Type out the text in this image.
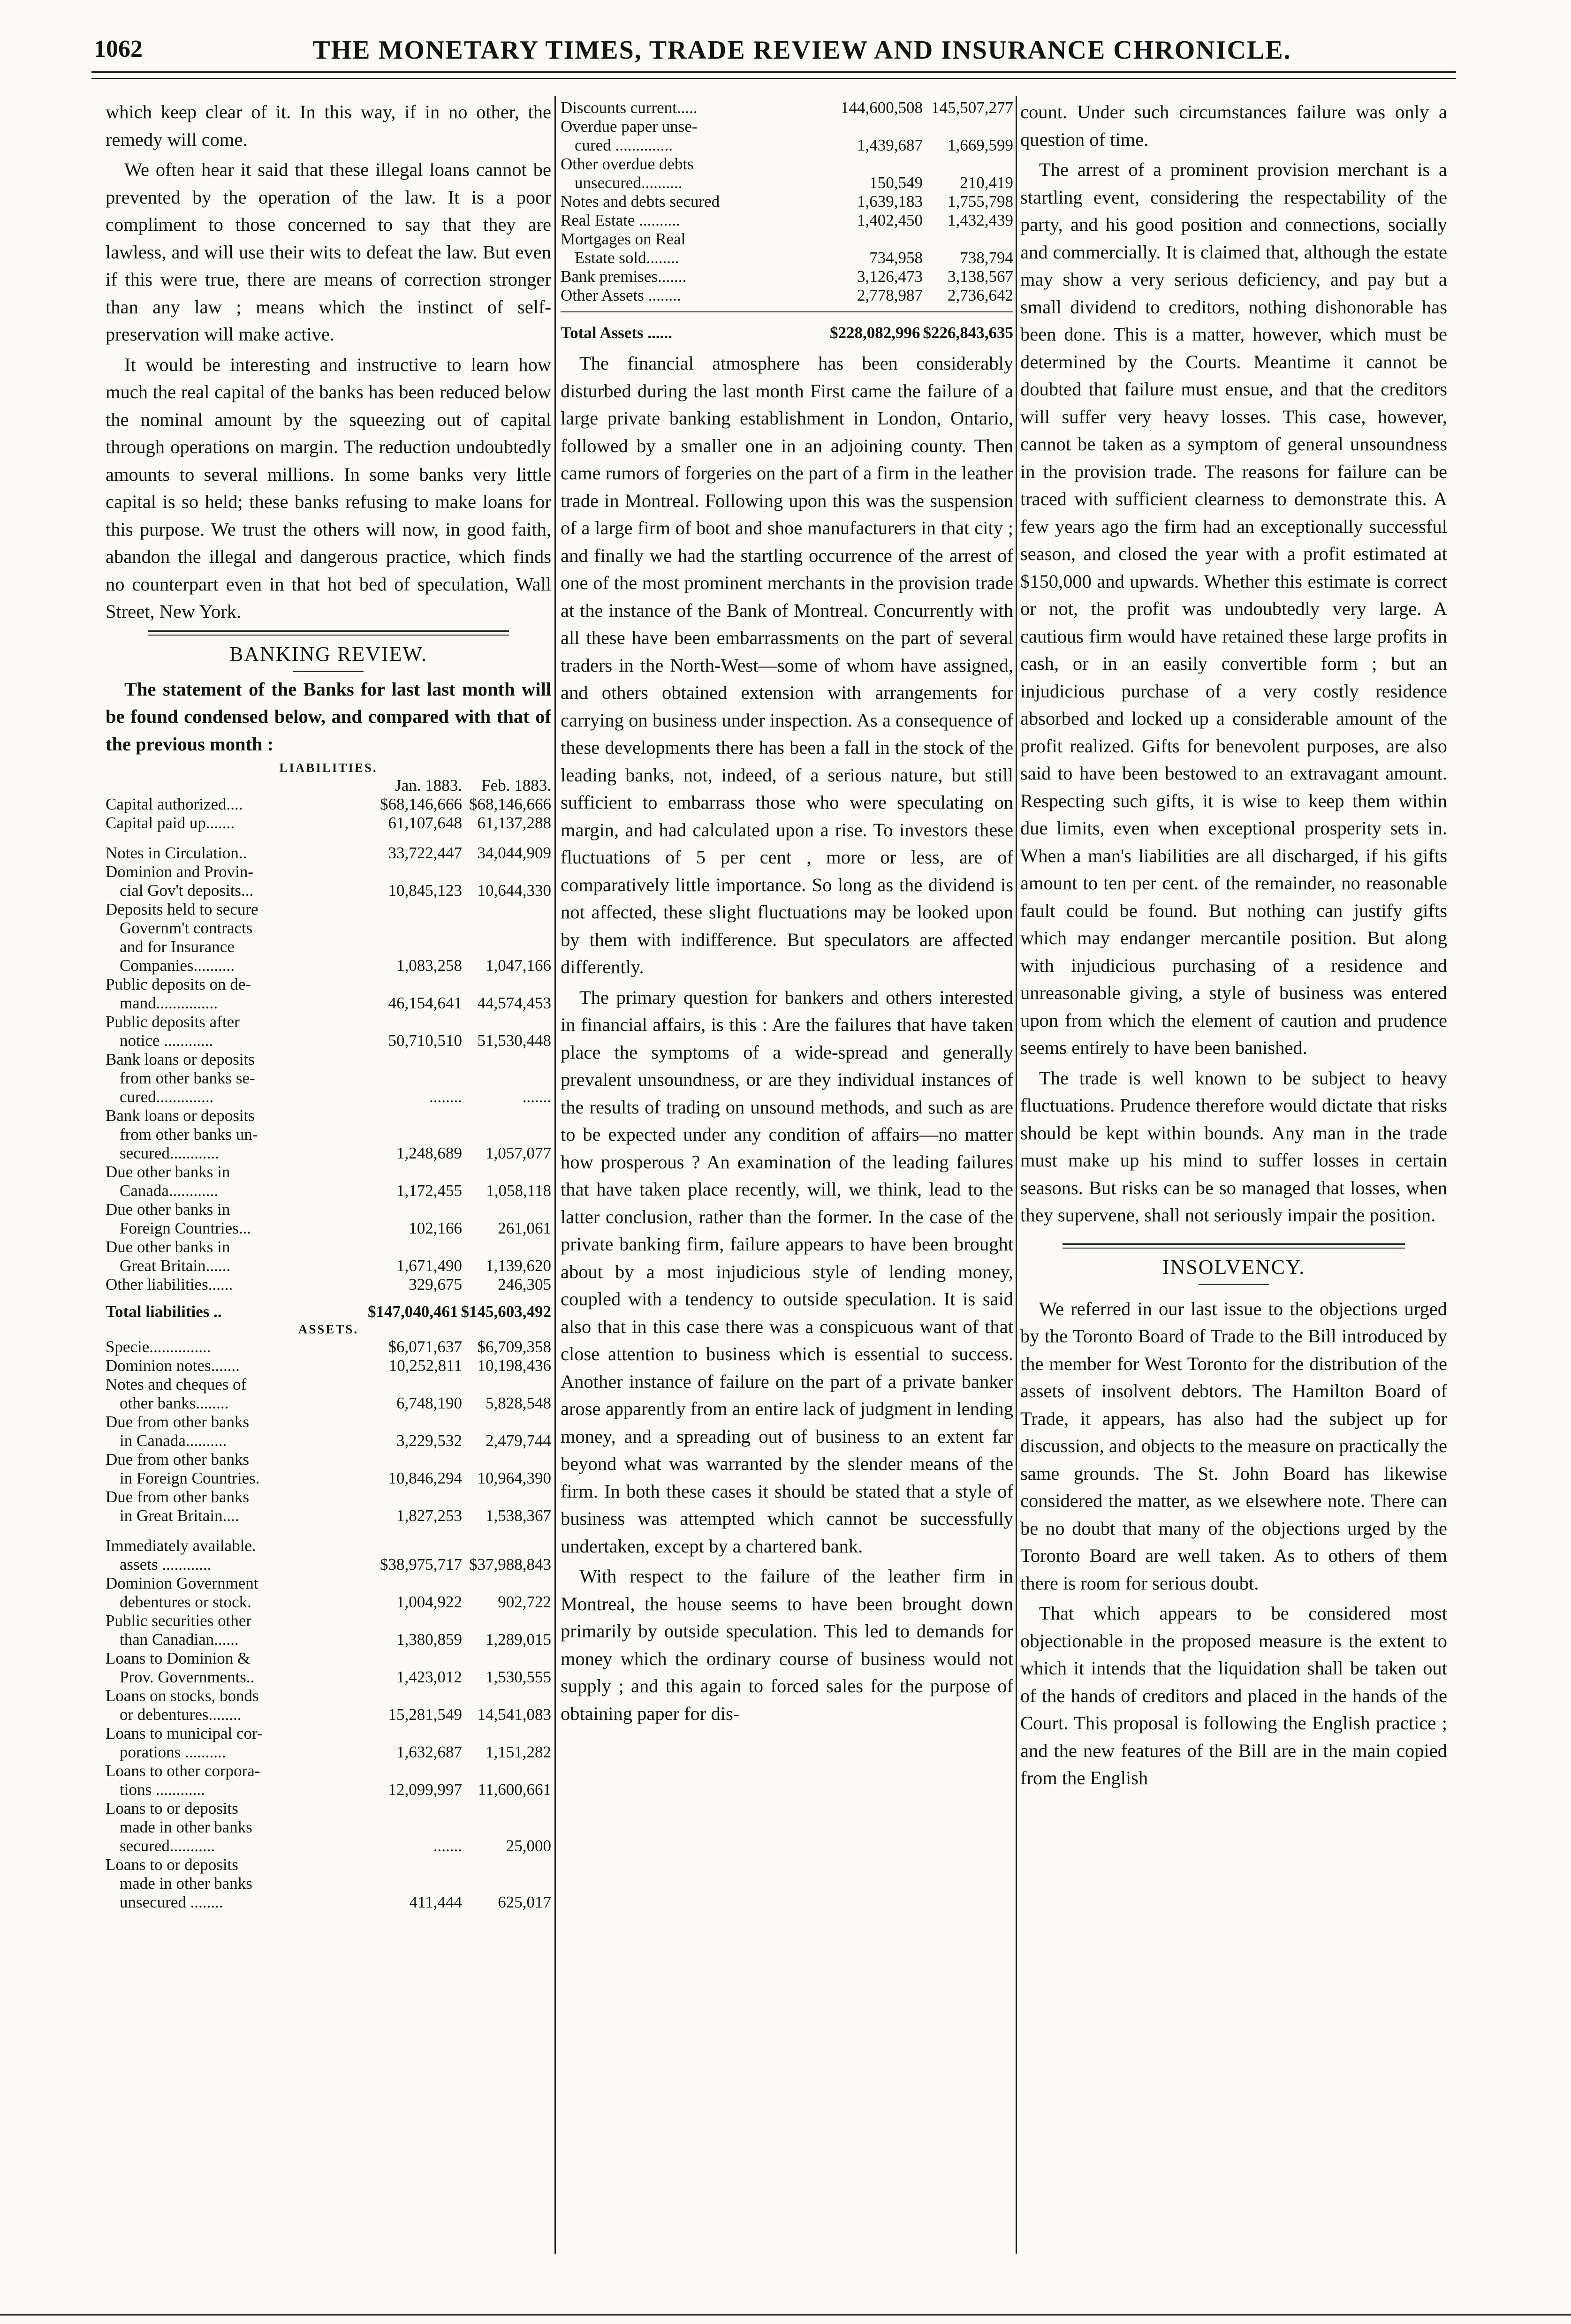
1062	THE MONETARY TIMES, TRADE REVIEW AND INSURANCE CHRONICLE.

which keep clear of it. In this way, if in no other, the remedy will come.

We often hear it said that these illegal loans cannot be prevented by the operation of the law. It is a poor compliment to those concerned to say that they are lawless, and will use their wits to defeat the law. But even if this were true, there are means of correction stronger than any law ; means which the instinct of self-preservation will make active.

It would be interesting and instructive to learn how much the real capital of the banks has been reduced below the nominal amount by the squeezing out of capital through operations on margin. The reduction undoubtedly amounts to several millions. In some banks very little capital is so held; these banks refusing to make loans for this purpose. We trust the others will now, in good faith, abandon the illegal and dangerous practice, which finds no counterpart even in that hot bed of speculation, Wall Street, New York.

BANKING REVIEW.

The statement of the Banks for last last month will be found condensed below, and compared with that of the previous month :

LIABILITIES.
	Jan. 1883.	Feb. 1883.

Capital authorized....	$68,146,666	$68,146,666

Capital paid up.......	61,107,648	61,137,288

Notes in Circulation..	33,722,447	34,044,909

Dominion and Provin-
cial Gov't deposits...	10,845,123	10,644,330

Deposits held to secure
Governm't contracts
and for Insurance
Companies..........	1,083,258	1,047,166

Public deposits on de-
mand...............	46,154,641	44,574,453

Public deposits after
notice ............	50,710,510	51,530,448

Bank loans or deposits
from other banks se-
cured..............	........	.......

Bank loans or deposits
from other banks un-
secured............	1,248,689	1,057,077

Due other banks in
Canada............	1,172,455	1,058,118

Due other banks in
Foreign Countries...	102,166	261,061

Due other banks in
Great Britain......	1,671,490	1,139,620

Other liabilities......	329,675	246,305
Total liabilities ..	$147,040,461	$145,603,492
ASSETS.
Specie...............	$6,071,637	$6,709,358

Dominion notes.......	10,252,811	10,198,436

Notes and cheques of
other banks........	6,748,190	5,828,548

Due from other banks
in Canada..........	3,229,532	2,479,744

Due from other banks
in Foreign Countries.	10,846,294	10,964,390

Due from other banks
in Great Britain....	1,827,253	1,538,367

Immediately available.
assets ............	$38,975,717	$37,988,843

Dominion Government
debentures or stock.	1,004,922	902,722

Public securities other
than Canadian......	1,380,859	1,289,015

Loans to Dominion &
Prov. Governments..	1,423,012	1,530,555

Loans on stocks, bonds
or debentures........	15,281,549	14,541,083

Loans to municipal cor-
porations ..........	1,632,687	1,151,282

Loans to other corpora-
tions ............	12,099,997	11,600,661

Loans to or deposits
made in other banks
secured...........	.......	25,000

Loans to or deposits
made in other banks
unsecured ........	411,444	625,017
Discounts current.....	144,600,508	145,507,277

Overdue paper unse-
cured ..............	1,439,687	1,669,599

Other overdue debts
unsecured..........	150,549	210,419

Notes and debts secured	1,639,183	1,755,798

Real Estate ..........	1,402,450	1,432,439

Mortgages on Real
Estate sold........	734,958	738,794

Bank premises.......	3,126,473	3,138,567

Other Assets ........	2,778,987	2,736,642
Total Assets ......	$228,082,996	$226,843,635

The financial atmosphere has been considerably disturbed during the last month First came the failure of a large private banking establishment in London, Ontario, followed by a smaller one in an adjoining county. Then came rumors of forgeries on the part of a firm in the leather trade in Montreal. Following upon this was the suspension of a large firm of boot and shoe manufacturers in that city ; and finally we had the startling occurrence of the arrest of one of the most prominent merchants in the provision trade at the instance of the Bank of Montreal. Concurrently with all these have been embarrassments on the part of several traders in the North-West—some of whom have assigned, and others obtained extension with arrangements for carrying on business under inspection. As a consequence of these developments there has been a fall in the stock of the leading banks, not, indeed, of a serious nature, but still sufficient to embarrass those who were speculating on margin, and had calculated upon a rise. To investors these fluctuations of 5 per cent , more or less, are of comparatively little importance. So long as the dividend is not affected, these slight fluctuations may be looked upon by them with indifference. But speculators are affected differently.

The primary question for bankers and others interested in financial affairs, is this : Are the failures that have taken place the symptoms of a wide-spread and generally prevalent unsoundness, or are they individual instances of the results of trading on unsound methods, and such as are to be expected under any condition of affairs—no matter how prosperous ? An examination of the leading failures that have taken place recently, will, we think, lead to the latter conclusion, rather than the former. In the case of the private banking firm, failure appears to have been brought about by a most injudicious style of lending money, coupled with a tendency to outside speculation. It is said also that in this case there was a conspicuous want of that close attention to business which is essential to success. Another instance of failure on the part of a private banker arose apparently from an entire lack of judgment in lending money, and a spreading out of business to an extent far beyond what was warranted by the slender means of the firm. In both these cases it should be stated that a style of business was attempted which cannot be successfully undertaken, except by a chartered bank.

With respect to the failure of the leather firm in Montreal, the house seems to have been brought down primarily by outside speculation. This led to demands for money which the ordinary course of business would not supply ; and this again to forced sales for the purpose of obtaining paper for dis-

count. Under such circumstances failure was only a question of time.

The arrest of a prominent provision merchant is a startling event, considering the respectability of the party, and his good position and connections, socially and commercially. It is claimed that, although the estate may show a very serious deficiency, and pay but a small dividend to creditors, nothing dishonorable has been done. This is a matter, however, which must be determined by the Courts. Meantime it cannot be doubted that failure must ensue, and that the creditors will suffer very heavy losses. This case, however, cannot be taken as a symptom of general unsoundness in the provision trade. The reasons for failure can be traced with sufficient clearness to demonstrate this. A few years ago the firm had an exceptionally successful season, and closed the year with a profit estimated at $150,000 and upwards. Whether this estimate is correct or not, the profit was undoubtedly very large. A cautious firm would have retained these large profits in cash, or in an easily convertible form ; but an injudicious purchase of a very costly residence absorbed and locked up a considerable amount of the profit realized. Gifts for benevolent purposes, are also said to have been bestowed to an extravagant amount. Respecting such gifts, it is wise to keep them within due limits, even when exceptional prosperity sets in. When a man's liabilities are all discharged, if his gifts amount to ten per cent. of the remainder, no reasonable fault could be found. But nothing can justify gifts which may endanger mercantile position. But along with injudicious purchasing of a residence and unreasonable giving, a style of business was entered upon from which the element of caution and prudence seems entirely to have been banished.

The trade is well known to be subject to heavy fluctuations. Prudence therefore would dictate that risks should be kept within bounds. Any man in the trade must make up his mind to suffer losses in certain seasons. But risks can be so managed that losses, when they supervene, shall not seriously impair the position.

INSOLVENCY.

We referred in our last issue to the objections urged by the Toronto Board of Trade to the Bill introduced by the member for West Toronto for the distribution of the assets of insolvent debtors. The Hamilton Board of Trade, it appears, has also had the subject up for discussion, and objects to the measure on practically the same grounds. The St. John Board has likewise considered the matter, as we elsewhere note. There can be no doubt that many of the objections urged by the Toronto Board are well taken. As to others of them there is room for serious doubt.

That which appears to be considered most objectionable in the proposed measure is the extent to which it intends that the liquidation shall be taken out of the hands of creditors and placed in the hands of the Court. This proposal is following the English practice ; and the new features of the Bill are in the main copied from the English
